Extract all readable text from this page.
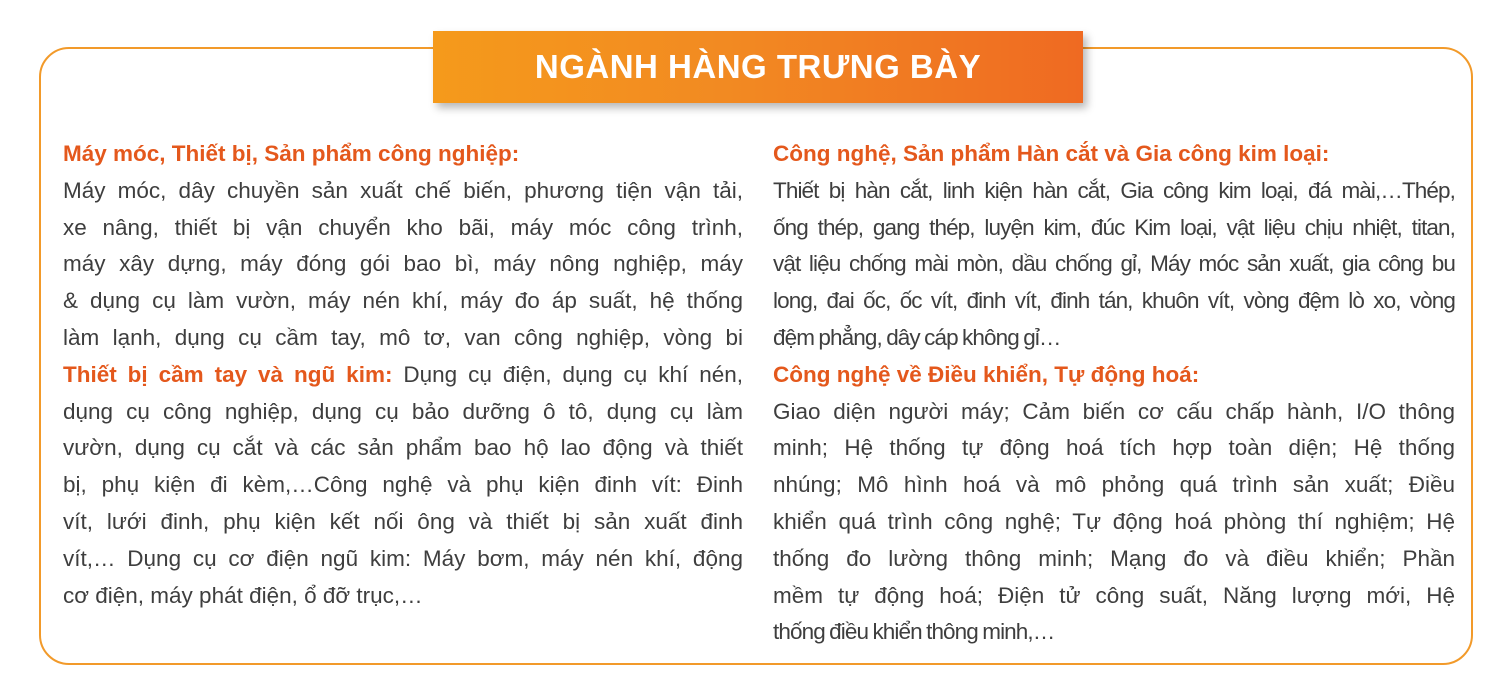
NGÀNH HÀNG TRƯNG BÀY
Máy móc, Thiết bị, Sản phẩm công nghiệp:
Máy móc, dây chuyền sản xuất chế biến, phương tiện vận tải,
xe nâng, thiết bị vận chuyển kho bãi, máy móc công trình,
máy xây dựng, máy đóng gói bao bì, máy nông nghiệp, máy
& dụng cụ làm vườn, máy nén khí, máy đo áp suất, hệ thống
làm lạnh, dụng cụ cầm tay, mô tơ, van công nghiệp, vòng bi
Thiết bị cầm tay và ngũ kim: Dụng cụ điện, dụng cụ khí nén,
dụng cụ công nghiệp, dụng cụ bảo dưỡng ô tô, dụng cụ làm
vườn, dụng cụ cắt và các sản phẩm bao hộ lao động và thiết
bị, phụ kiện đi kèm,…Công nghệ và phụ kiện đinh vít: Đinh
vít, lưới đinh, phụ kiện kết nối ông và thiết bị sản xuất đinh
vít,… Dụng cụ cơ điện ngũ kim: Máy bơm, máy nén khí, động
cơ điện, máy phát điện, ổ đỡ trục,…
Công nghệ, Sản phẩm Hàn cắt và Gia công kim loại:
Thiết bị hàn cắt, linh kiện hàn cắt, Gia công kim loại, đá mài,…Thép,
ống thép, gang thép, luyện kim, đúc Kim loại, vật liệu chịu nhiệt, titan,
vật liệu chống mài mòn, dầu chống gỉ, Máy móc sản xuất, gia công bu
long, đai ốc, ốc vít, đinh vít, đinh tán, khuôn vít, vòng đệm lò xo, vòng
đệm phẳng, dây cáp không gỉ…
Công nghệ về Điều khiển, Tự động hoá:
Giao diện người máy; Cảm biến cơ cấu chấp hành, I/O thông
minh; Hệ thống tự động hoá tích hợp toàn diện; Hệ thống
nhúng; Mô hình hoá và mô phỏng quá trình sản xuất; Điều
khiển quá trình công nghệ; Tự động hoá phòng thí nghiệm; Hệ
thống đo lường thông minh; Mạng đo và điều khiển; Phần
mềm tự động hoá; Điện tử công suất, Năng lượng mới, Hệ
thống điều khiển thông minh,…
